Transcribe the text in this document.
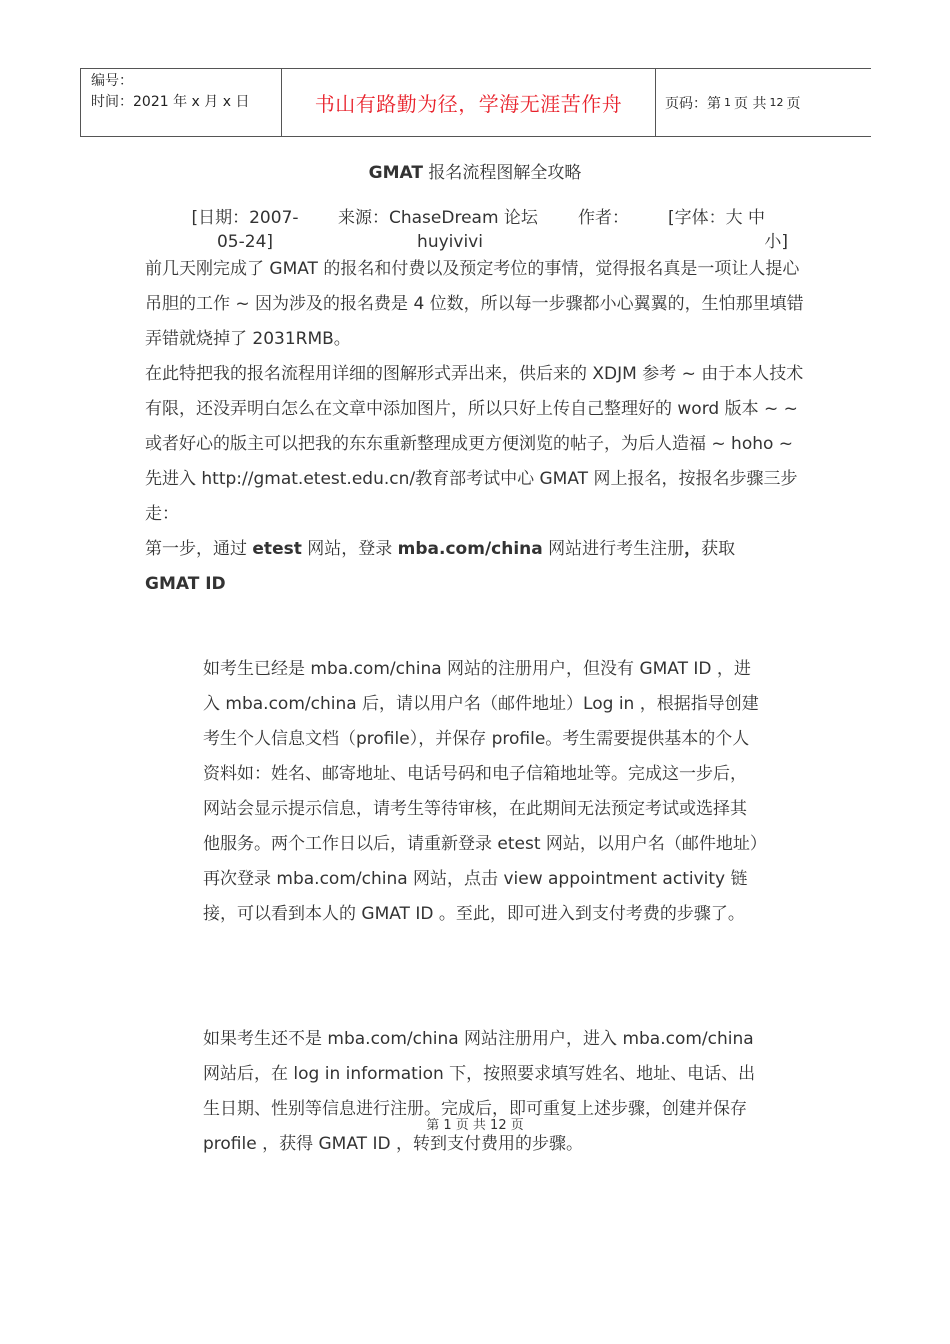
编号：
时间：2021 年 x 月 x 日	书山有路勤为径，学海无涯苦作舟	页码：第 1 页 共 12 页
GMAT 报名流程图解全攻略
[日期：2007-
05-24]
来源：ChaseDream 论坛
huyivivi
作者：	[字体：大 中
小]

前几天刚完成了 GMAT 的报名和付费以及预定考位的事情，觉得报名真是一项让人提心吊胆的工作 ~ 因为涉及的报名费是 4 位数，所以每一步骤都小心翼翼的，生怕那里填错弄错就烧掉了 2031RMB。

在此特把我的报名流程用详细的图解形式弄出来，供后来的 XDJM 参考 ~ 由于本人技术有限，还没弄明白怎么在文章中添加图片，所以只好上传自己整理好的 word 版本 ~ ~ 或者好心的版主可以把我的东东重新整理成更方便浏览的帖子，为后人造福 ~ hoho ~

先进入 http://gmat.etest.edu.cn/教育部考试中心 GMAT 网上报名，按报名步骤三步走：

第一步，通过 etest 网站，登录 mba.com/china 网站进行考生注册，获取
GMAT ID

如考生已经是 mba.com/china 网站的注册用户，但没有 GMAT ID ，进入 mba.com/china 后，请以用户名（邮件地址）Log in ，根据指导创建考生个人信息文档（profile），并保存 profile。考生需要提供基本的个人资料如：姓名、邮寄地址、电话号码和电子信箱地址等。完成这一步后，网站会显示提示信息，请考生等待审核，在此期间无法预定考试或选择其他服务。两个工作日以后，请重新登录 etest 网站，以用户名（邮件地址）再次登录 mba.com/china 网站，点击 view appointment activity 链接，可以看到本人的 GMAT ID 。至此，即可进入到支付考费的步骤了。

如果考生还不是 mba.com/china 网站注册用户，进入 mba.com/china 网站后，在 log in information 下，按照要求填写姓名、地址、电话、出生日期、性别等信息进行注册。完成后，即可重复上述步骤，创建并保存 profile ，获得 GMAT ID ，转到支付费用的步骤。

第 1 页 共 12 页
